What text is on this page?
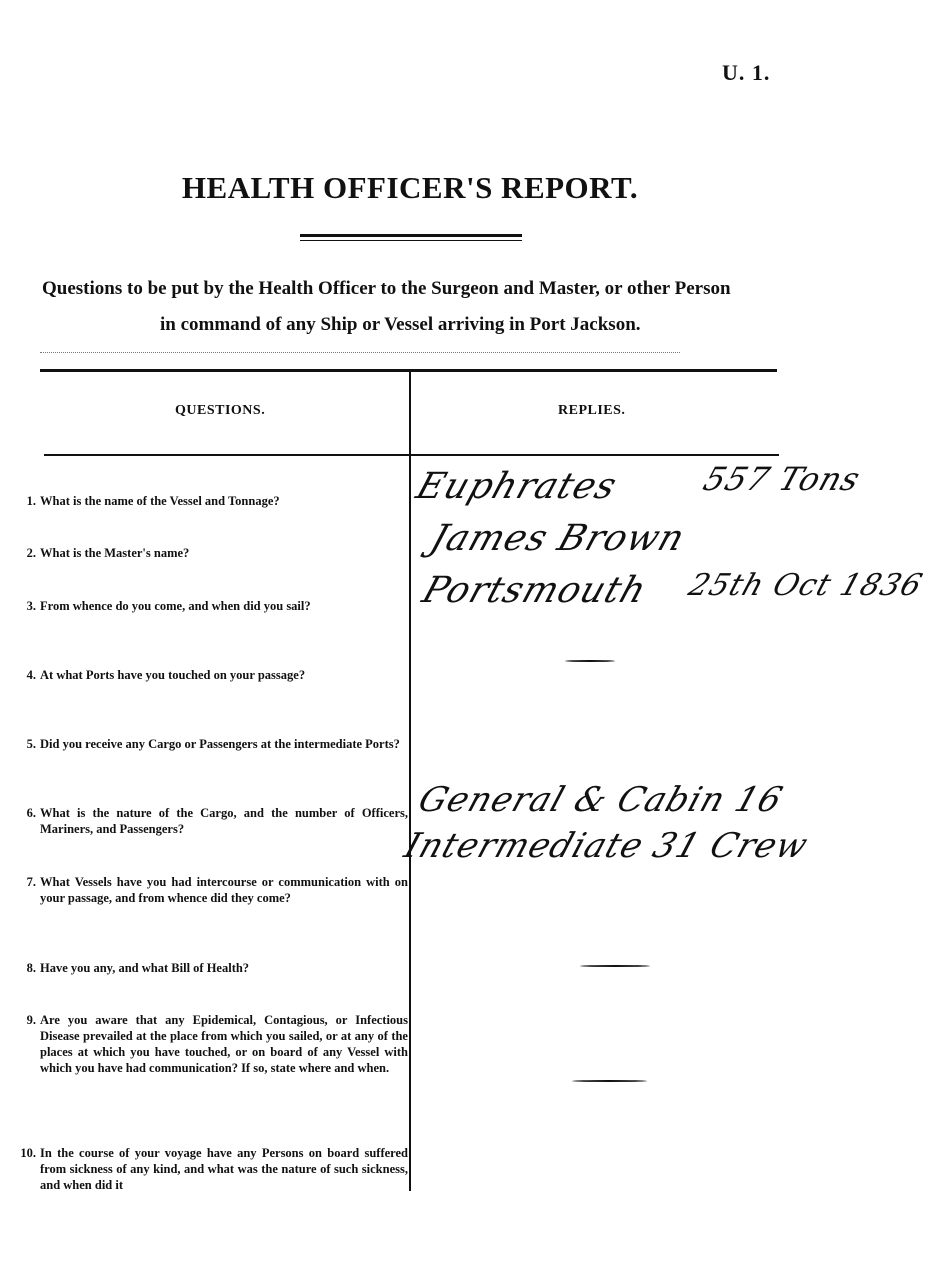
U. 1.
HEALTH OFFICER'S REPORT.
Questions to be put by the Health Officer to the Surgeon and Master, or other Person
in command of any Ship or Vessel arriving in Port Jackson.
QUESTIONS.	REPLIES.
1. What is the name of the Vessel and Tonnage?
2. What is the Master's name?
3. From whence do you come, and when did you sail?
4. At what Ports have you touched on your passage?
5. Did you receive any Cargo or Passengers at the intermediate Ports?
6. What is the nature of the Cargo, and the number of Officers, Mariners, and Passengers?
7. What Vessels have you had intercourse or communication with on your passage, and from whence did they come?
8. Have you any, and what Bill of Health?
9. Are you aware that any Epidemical, Contagious, or Infectious Disease prevailed at the place from which you sailed, or at any of the places at which you have touched, or on board of any Vessel with which you have had communication? If so, state where and when.
10. In the course of your voyage have any Persons on board suffered from sickness of any kind, and what was the nature of such sickness, and when did it
Euphrates 557 Tons
James Brown
Portsmouth 25th Oct 1836
General & Cabin 16
Intermediate 31 Crew
